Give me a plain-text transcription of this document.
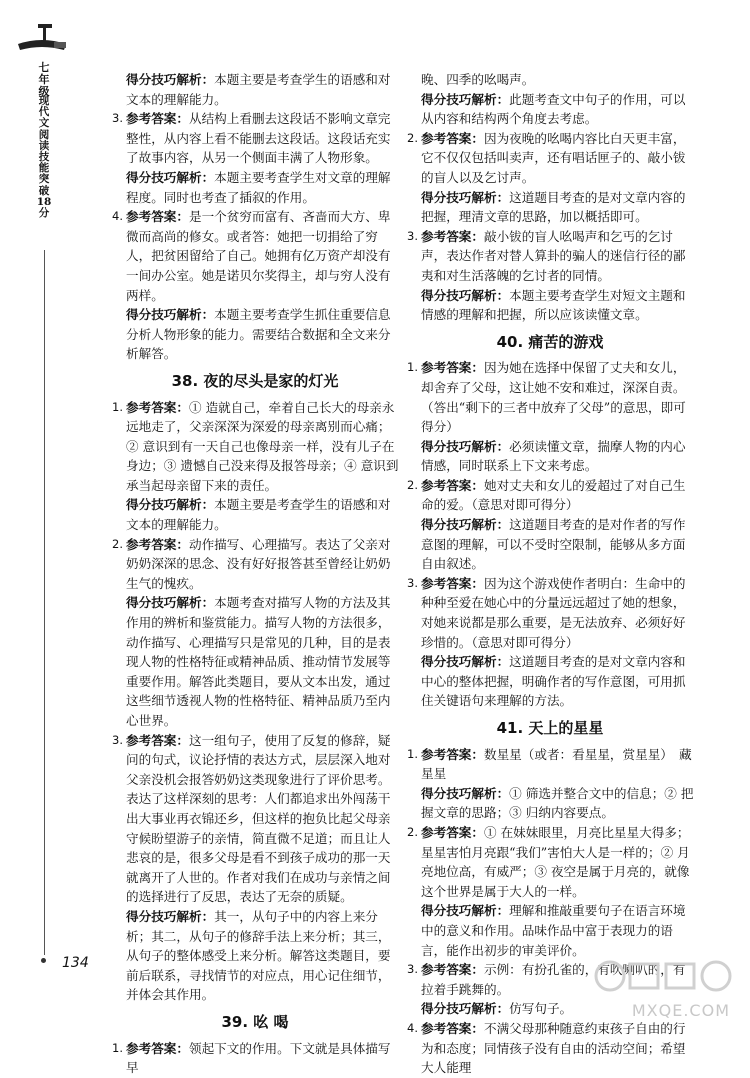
七年级
现代文阅读技能突破18分
134

得分技巧解析：本题主要是考查学生的语感和对文本的理解能力。

3. 参考答案：从结构上看删去这段话不影响文章完整性，从内容上看不能删去这段话。这段话充实了故事内容，从另一个侧面丰满了人物形象。

得分技巧解析：本题主要考查学生对文章的理解程度。同时也考查了插叙的作用。

4. 参考答案：是一个贫穷而富有、吝啬而大方、卑微而高尚的修女。或者答：她把一切捐给了穷人，把贫困留给了自己。她拥有亿万资产却没有一间办公室。她是诺贝尔奖得主，却与穷人没有两样。

得分技巧解析：本题主要考查学生抓住重要信息分析人物形象的能力。需要结合数据和全文来分析解答。

38. 夜的尽头是家的灯光
1. 参考答案：① 造就自己，牵着自己长大的母亲永远地走了，父亲深深为深爱的母亲离别而心痛；② 意识到有一天自己也像母亲一样，没有儿子在身边；③ 遗憾自己没来得及报答母亲；④ 意识到承当起母亲留下来的责任。

得分技巧解析：本题主要是考查学生的语感和对文本的理解能力。

2. 参考答案：动作描写、心理描写。表达了父亲对奶奶深深的思念、没有好好报答甚至曾经让奶奶生气的愧疚。

得分技巧解析：本题考查对描写人物的方法及其作用的辨析和鉴赏能力。描写人物的方法很多，动作描写、心理描写只是常见的几种，目的是表现人物的性格特征或精神品质、推动情节发展等重要作用。解答此类题目，要从文本出发，通过这些细节透视人物的性格特征、精神品质乃至内心世界。

3. 参考答案：这一组句子，使用了反复的修辞，疑问的句式，议论抒情的表达方式，层层深入地对父亲没机会报答奶奶这类现象进行了评价思考。表达了这样深刻的思考：人们都追求出外闯荡干出大事业再衣锦还乡，但这样的抱负比起父母亲守候盼望游子的亲情，简直微不足道；而且让人悲哀的是，很多父母是看不到孩子成功的那一天就离开了人世的。作者对我们在成功与亲情之间的选择进行了反思，表达了无奈的质疑。

得分技巧解析：其一，从句子中的内容上来分析；其二，从句子的修辞手法上来分析；其三，从句子的整体感受上来分析。解答这类题目，要前后联系，寻找情节的对应点，用心记住细节，并体会其作用。

39. 吆 喝
1. 参考答案：领起下文的作用。下文就是具体描写早

晚、四季的吆喝声。

得分技巧解析：此题考查文中句子的作用，可以从内容和结构两个角度去考虑。

2. 参考答案：因为夜晚的吆喝内容比白天更丰富，它不仅仅包括叫卖声，还有唱话匣子的、敲小钹的盲人以及乞讨声。

得分技巧解析：这道题目考查的是对文章内容的把握，理清文章的思路，加以概括即可。

3. 参考答案：敲小钹的盲人吆喝声和乞丐的乞讨声，表达作者对替人算卦的骗人的迷信行径的鄙夷和对生活落魄的乞讨者的同情。

得分技巧解析：本题主要考查学生对短文主题和情感的理解和把握，所以应该读懂文章。

40. 痛苦的游戏
1. 参考答案：因为她在选择中保留了丈夫和女儿，却舍弃了父母，这让她不安和难过，深深自责。（答出“剩下的三者中放弃了父母”的意思，即可得分）

得分技巧解析：必须读懂文章，揣摩人物的内心情感，同时联系上下文来考虑。

2. 参考答案：她对丈夫和女儿的爱超过了对自己生命的爱。（意思对即可得分）

得分技巧解析：这道题目考查的是对作者的写作意图的理解，可以不受时空限制，能够从多方面自由叙述。

3. 参考答案：因为这个游戏使作者明白：生命中的种种至爱在她心中的分量远远超过了她的想象，对她来说都是那么重要，是无法放弃、必须好好珍惜的。（意思对即可得分）

得分技巧解析：这道题目考查的是对文章内容和中心的整体把握，明确作者的写作意图，可用抓住关键语句来理解的方法。

41. 天上的星星
1. 参考答案：数星星（或者：看星星，赏星星）　藏星星

得分技巧解析：① 筛选并整合文中的信息；② 把握文章的思路；③ 归纳内容要点。

2. 参考答案：① 在妹妹眼里，月亮比星星大得多；星星害怕月亮跟“我们”害怕大人是一样的；② 月亮地位高，有威严；③ 夜空是属于月亮的，就像这个世界是属于大人的一样。

得分技巧解析：理解和推敲重要句子在语言环境中的意义和作用。品味作品中富于表现力的语言，能作出初步的审美评价。

3. 参考答案：示例：有扮孔雀的，有吹喇叭的，有拉着手跳舞的。

得分技巧解析：仿写句子。

4. 参考答案：不满父母那种随意约束孩子自由的行为和态度；同情孩子没有自由的活动空间；希望大人能理

MXQE.COM
